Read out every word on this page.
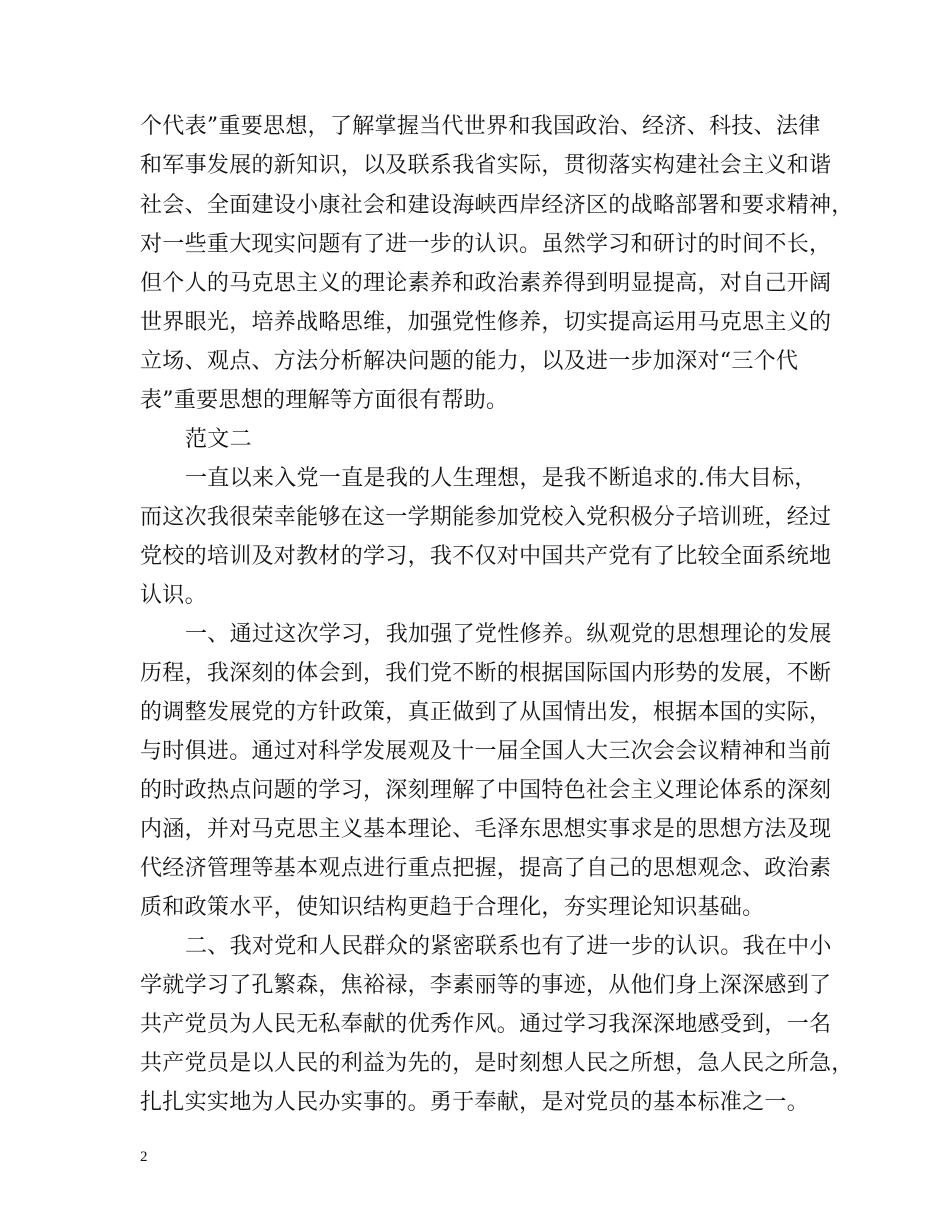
个代表”重要思想，了解掌握当代世界和我国政治、经济、科技、法律
和军事发展的新知识，以及联系我省实际，贯彻落实构建社会主义和谐
社会、全面建设小康社会和建设海峡西岸经济区的战略部署和要求精神，
对一些重大现实问题有了进一步的认识。虽然学习和研讨的时间不长，
但个人的马克思主义的理论素养和政治素养得到明显提高，对自己开阔
世界眼光，培养战略思维，加强党性修养，切实提高运用马克思主义的
立场、观点、方法分析解决问题的能力，以及进一步加深对“三个代
表”重要思想的理解等方面很有帮助。
范文二
一直以来入党一直是我的人生理想，是我不断追求的.伟大目标，
而这次我很荣幸能够在这一学期能参加党校入党积极分子培训班，经过
党校的培训及对教材的学习，我不仅对中国共产党有了比较全面系统地
认识。
一、通过这次学习，我加强了党性修养。纵观党的思想理论的发展
历程，我深刻的体会到，我们党不断的根据国际国内形势的发展，不断
的调整发展党的方针政策，真正做到了从国情出发，根据本国的实际，
与时俱进。通过对科学发展观及十一届全国人大三次会会议精神和当前
的时政热点问题的学习，深刻理解了中国特色社会主义理论体系的深刻
内涵，并对马克思主义基本理论、毛泽东思想实事求是的思想方法及现
代经济管理等基本观点进行重点把握，提高了自己的思想观念、政治素
质和政策水平，使知识结构更趋于合理化，夯实理论知识基础。
二、我对党和人民群众的紧密联系也有了进一步的认识。我在中小
学就学习了孔繁森，焦裕禄，李素丽等的事迹，从他们身上深深感到了
共产党员为人民无私奉献的优秀作风。通过学习我深深地感受到，一名
共产党员是以人民的利益为先的，是时刻想人民之所想，急人民之所急，
扎扎实实地为人民办实事的。勇于奉献，是对党员的基本标准之一。
2
